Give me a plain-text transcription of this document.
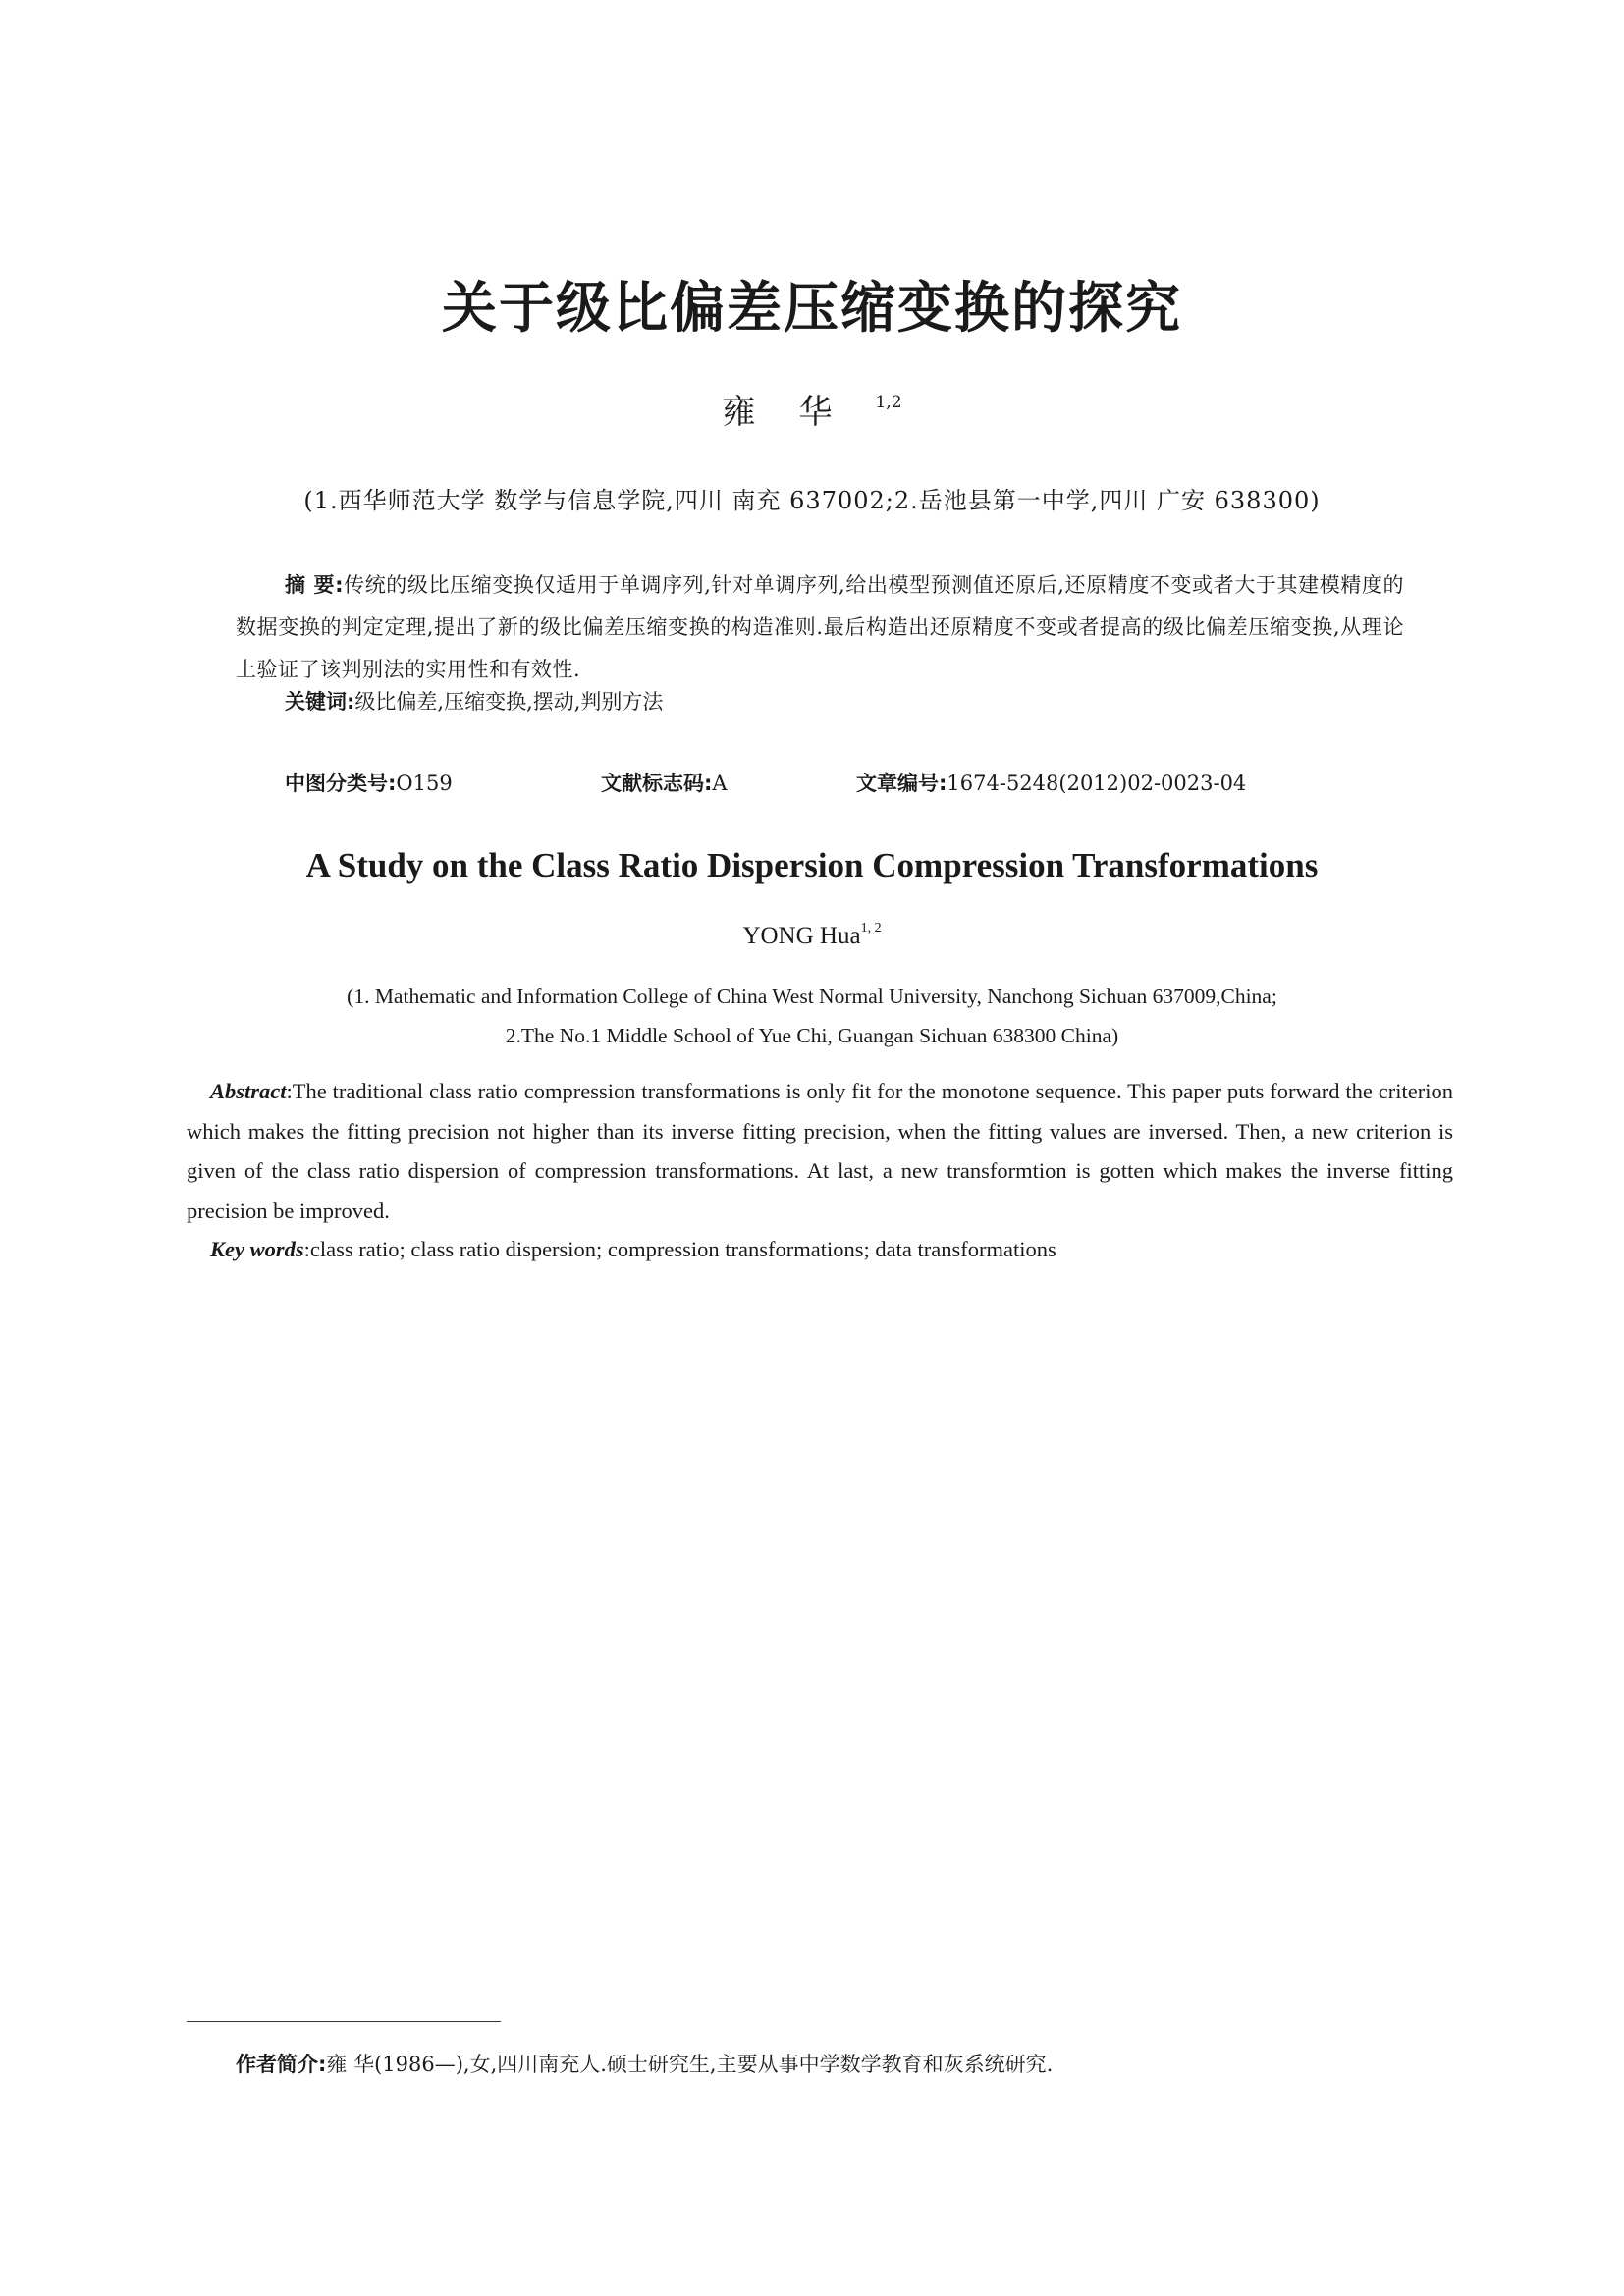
关于级比偏差压缩变换的探究
雍华$^{1,2}$
(1.西华师范大学 数学与信息学院,四川 南充 637002;2.岳池县第一中学,四川 广安 638300)
摘 要:传统的级比压缩变换仅适用于单调序列,针对单调序列,给出模型预测值还原后,还原精度不变或者大于其建模精度的数据变换的判定定理,提出了新的级比偏差压缩变换的构造准则.最后构造出还原精度不变或者提高的级比偏差压缩变换,从理论上验证了该判别法的实用性和有效性.
关键词:级比偏差,压缩变换,摆动,判别方法
中图分类号:O159	文献标志码:A	文章编号:1674-5248(2012)02-0023-04
A Study on the Class Ratio Dispersion Compression Transformations
YONG Hua$^{1, 2}$
(1. Mathematic and Information College of China West Normal University, Nanchong Sichuan 637009,China;
2.The No.1 Middle School of Yue Chi, Guangan Sichuan 638300 China)
Abstract:The traditional class ratio compression transformations is only fit for the monotone sequence. This paper puts forward the criterion which makes the fitting precision not higher than its inverse fitting precision, when the fitting values are inversed. Then, a new criterion is given of the class ratio dispersion of compression transformations. At last, a new transformtion is gotten which makes the inverse fitting precision be improved.
Key words:class ratio; class ratio dispersion; compression transformations; data transformations
作者简介:雍 华(1986—),女,四川南充人.硕士研究生,主要从事中学数学教育和灰系统研究.
